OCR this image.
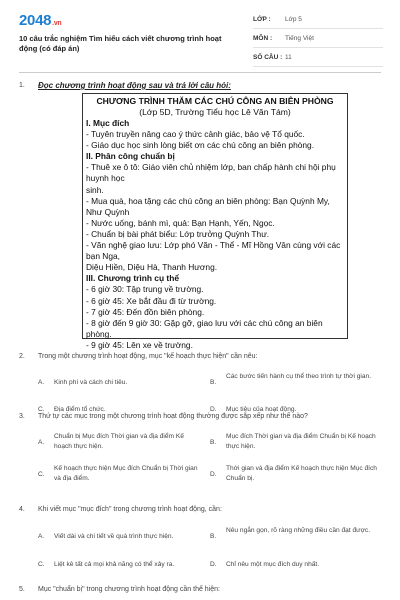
2048.vn
10 câu trắc nghiệm Tìm hiểu cách viết chương trình hoạt động (có đáp án)
LỚP :	Lớp 5
MÔN :	Tiếng Việt
SỐ CÂU : 11
1. Đọc chương trình hoạt động sau và trả lời câu hỏi:
CHƯƠNG TRÌNH THĂM CÁC CHÚ CÔNG AN BIÊN PHÒNG
(Lớp 5D, Trường Tiểu học Lê Văn Tám)
I. Mục đích
- Tuyên truyền nâng cao ý thức cảnh giác, bảo vệ Tổ quốc.
- Giáo dục học sinh lòng biết ơn các chú công an biên phòng.
II. Phân công chuẩn bị
- Thuê xe ô tô: Giáo viên chủ nhiệm lớp, ban chấp hành chi hội phụ huynh học
sinh.
- Mua quà, hoa tặng các chú công an biên phòng: Bạn Quỳnh My, Như Quỳnh
- Nước uống, bánh mì, quả: Bạn Hạnh, Yến, Ngọc.
- Chuẩn bị bài phát biểu: Lớp trưởng Quỳnh Thư.
- Văn nghệ giao lưu: Lớp phó Văn - Thể - Mĩ Hồng Vân cùng với các bạn Nga,
Diệu Hiền, Diệu Hà, Thanh Hương.
III. Chương trình cụ thể
- 6 giờ 30: Tập trung về trường.
- 6 giờ 45: Xe bắt đầu đi từ trường.
- 7 giờ 45: Đến đồn biên phòng.
- 8 giờ đến 9 giờ 30: Gặp gỡ, giao lưu với các chú công an biên phòng.
- 9 giờ 45: Lên xe về trường.
2. Trong một chương trình hoạt động, mục "kế hoạch thực hiện" cần nêu:
A. Kinh phí và cách chi tiêu.	B.
Các bước tiến hành cụ thể theo trình tự thời gian.
C. Địa điểm tổ chức.	D. Mục tiêu của hoạt động.
3. Thứ tự các mục trong một chương trình hoạt động thường được sắp xếp như thế nào?
A.
Chuẩn bị Mục đích Thời gian và địa điểm Kế hoạch thực hiện.
B.
Mục đích Thời gian và địa điểm Chuẩn bị Kế hoạch thực hiện.
C.
Kế hoạch thực hiện Mục đích Chuẩn bị Thời gian và địa điểm.
D.
Thời gian và địa điểm Kế hoạch thực hiện Mục đích Chuẩn bị.
4. Khi viết mục "mục đích" trong chương trình hoạt động, cần:
A. Viết dài và chi tiết về quá trình thực hiện.	B.
Nêu ngắn gọn, rõ ràng những điều cần đạt được.
C. Liệt kê tất cả mọi khả năng có thể xảy ra.	D. Chỉ nêu một mục đích duy nhất.
5. Mục "chuẩn bị" trong chương trình hoạt động cần thể hiện:
